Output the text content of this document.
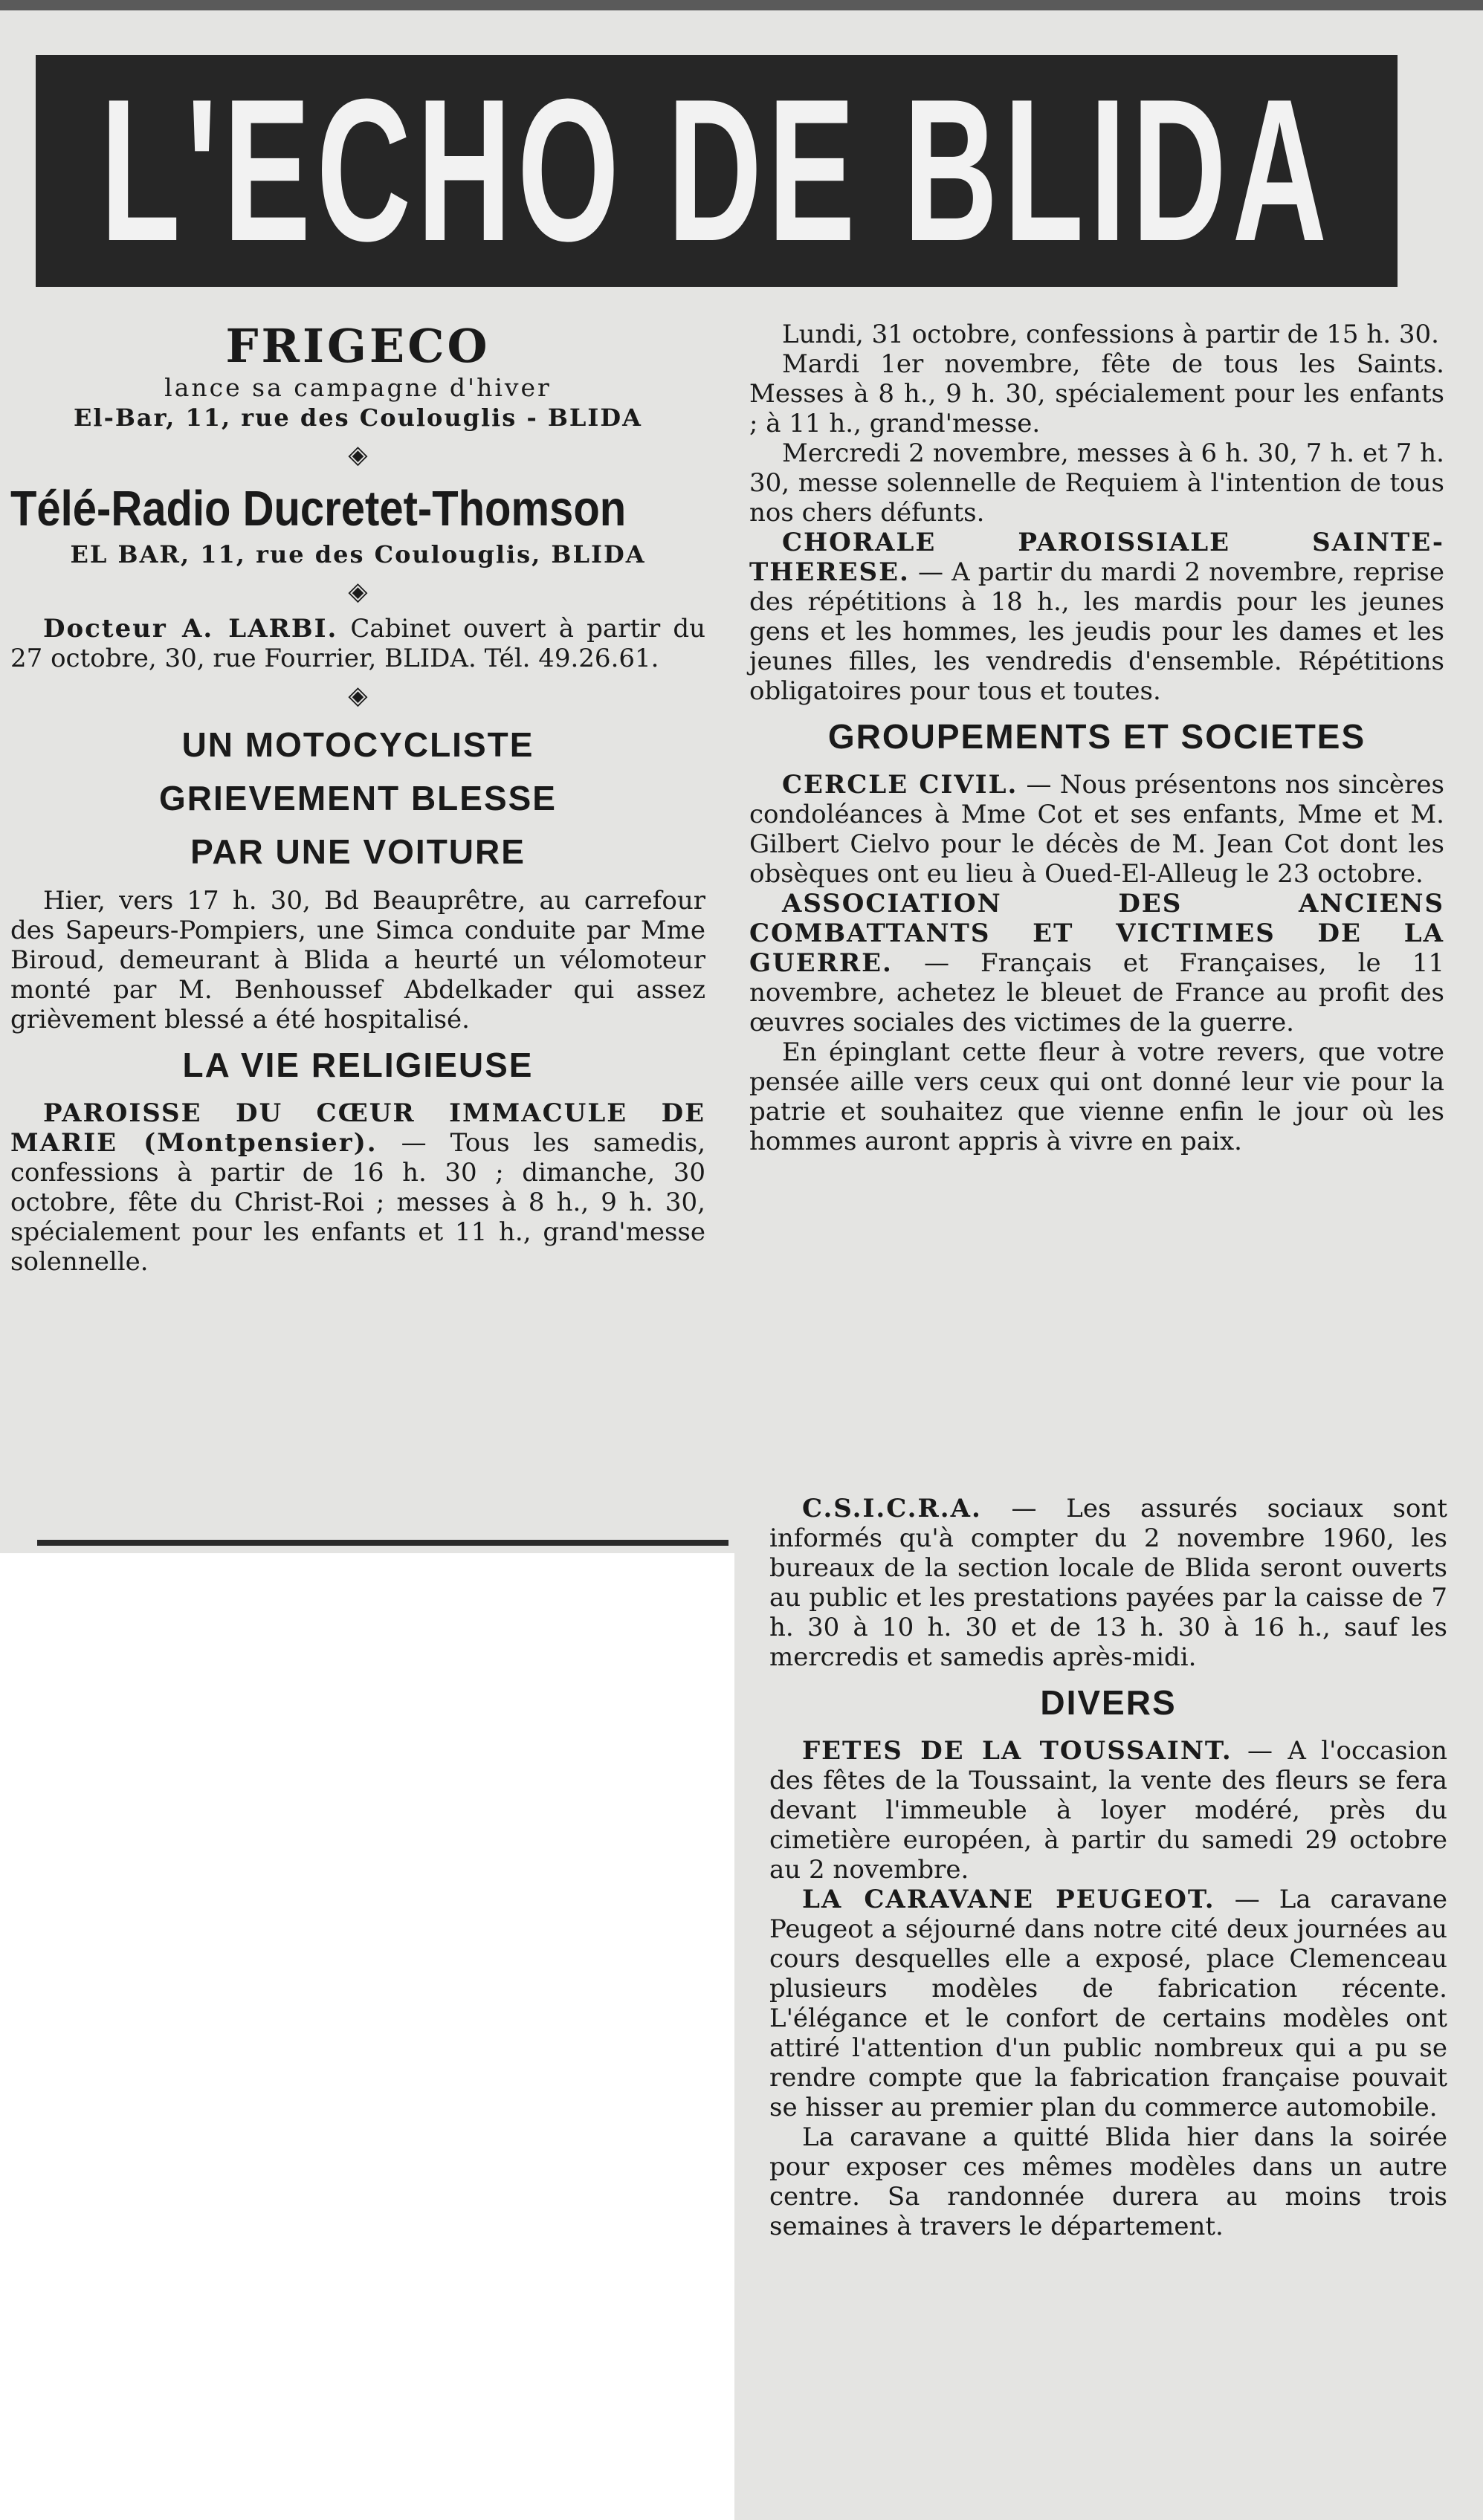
L'ECHO DE BLIDA

FRIGECO

lance sa campagne d'hiver

El-Bar, 11, rue des Coulouglis - BLIDA

◈

Télé-Radio Ducretet-Thomson

EL BAR, 11, rue des Coulouglis, BLIDA

◈

Docteur A. LARBI. Cabinet ouvert à partir du 27 octobre, 30, rue Fourrier, BLIDA. Tél. 49.26.61.

◈

UN MOTOCYCLISTE

GRIEVEMENT BLESSE

PAR UNE VOITURE

Hier, vers 17 h. 30, Bd Beauprêtre, au carrefour des Sapeurs-Pompiers, une Simca conduite par Mme Biroud, demeurant à Blida a heurté un vélomoteur monté par M. Benhoussef Abdelkader qui assez grièvement blessé a été hospitalisé.

LA VIE RELIGIEUSE

PAROISSE DU CŒUR IMMACULE DE MARIE (Montpensier). — Tous les samedis, confessions à partir de 16 h. 30 ; dimanche, 30 octobre, fête du Christ-Roi ; messes à 8 h., 9 h. 30, spécialement pour les enfants et 11 h., grand'messe solennelle.

Lundi, 31 octobre, confessions à partir de 15 h. 30.

Mardi 1er novembre, fête de tous les Saints. Messes à 8 h., 9 h. 30, spécialement pour les enfants ; à 11 h., grand'messe.

Mercredi 2 novembre, messes à 6 h. 30, 7 h. et 7 h. 30, messe solennelle de Requiem à l'intention de tous nos chers défunts.

CHORALE PAROISSIALE SAINTE-THERESE. — A partir du mardi 2 novembre, reprise des répétitions à 18 h., les mardis pour les jeunes gens et les hommes, les jeudis pour les dames et les jeunes filles, les vendredis d'ensemble. Répétitions obligatoires pour tous et toutes.

GROUPEMENTS ET SOCIETES

CERCLE CIVIL. — Nous présentons nos sincères condoléances à Mme Cot et ses enfants, Mme et M. Gilbert Cielvo pour le décès de M. Jean Cot dont les obsèques ont eu lieu à Oued-El-Alleug le 23 octobre.

ASSOCIATION DES ANCIENS COMBATTANTS ET VICTIMES DE LA GUERRE. — Français et Françaises, le 11 novembre, achetez le bleuet de France au profit des œuvres sociales des victimes de la guerre.

En épinglant cette fleur à votre revers, que votre pensée aille vers ceux qui ont donné leur vie pour la patrie et souhaitez que vienne enfin le jour où les hommes auront appris à vivre en paix.

C.S.I.C.R.A. — Les assurés sociaux sont informés qu'à compter du 2 novembre 1960, les bureaux de la section locale de Blida seront ouverts au public et les prestations payées par la caisse de 7 h. 30 à 10 h. 30 et de 13 h. 30 à 16 h., sauf les mercredis et samedis après-midi.

DIVERS

FETES DE LA TOUSSAINT. — A l'occasion des fêtes de la Toussaint, la vente des fleurs se fera devant l'immeuble à loyer modéré, près du cimetière européen, à partir du samedi 29 octobre au 2 novembre.

LA CARAVANE PEUGEOT. — La caravane Peugeot a séjourné dans notre cité deux journées au cours desquelles elle a exposé, place Clemenceau plusieurs modèles de fabrication récente. L'élégance et le confort de certains modèles ont attiré l'attention d'un public nombreux qui a pu se rendre compte que la fabrication française pouvait se hisser au premier plan du commerce automobile.

La caravane a quitté Blida hier dans la soirée pour exposer ces mêmes modèles dans un autre centre. Sa randonnée durera au moins trois semaines à travers le département.
